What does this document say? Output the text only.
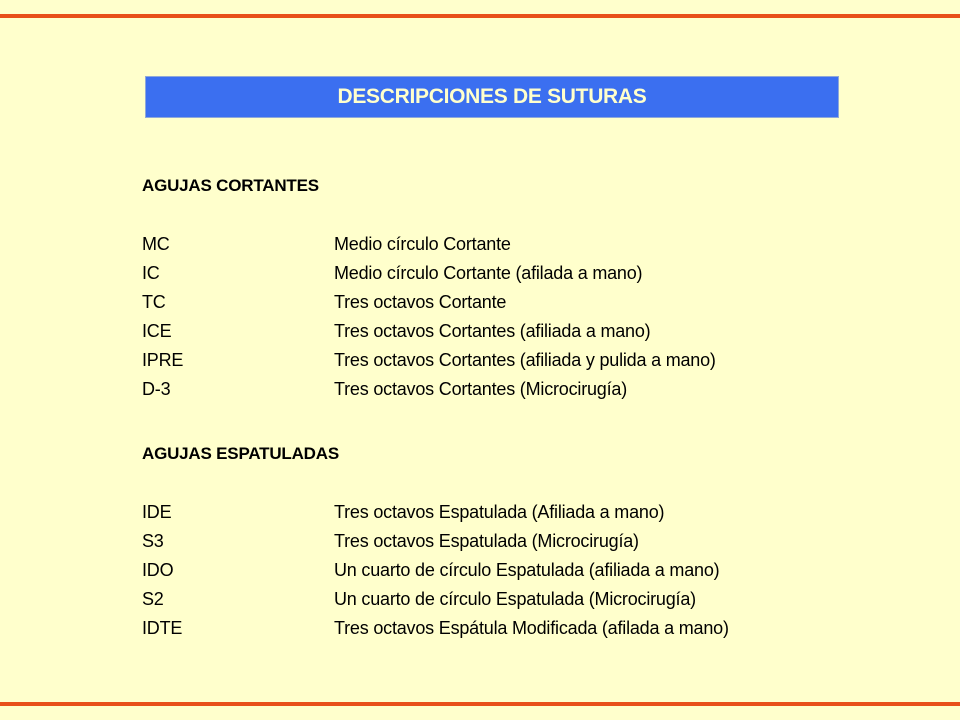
DESCRIPCIONES DE SUTURAS
AGUJAS CORTANTES
MC	Medio círculo Cortante
IC	Medio círculo Cortante (afilada a mano)
TC	Tres octavos Cortante
ICE	Tres octavos Cortantes (afiliada a mano)
IPRE	Tres octavos Cortantes (afiliada y pulida a mano)
D-3	Tres octavos Cortantes (Microcirugía)
AGUJAS ESPATULADAS
IDE	Tres octavos Espatulada (Afiliada a mano)
S3	Tres octavos Espatulada (Microcirugía)
IDO	Un cuarto de círculo Espatulada (afiliada a mano)
S2	Un cuarto de círculo Espatulada (Microcirugía)
IDTE	Tres octavos Espátula Modificada (afilada a mano)
